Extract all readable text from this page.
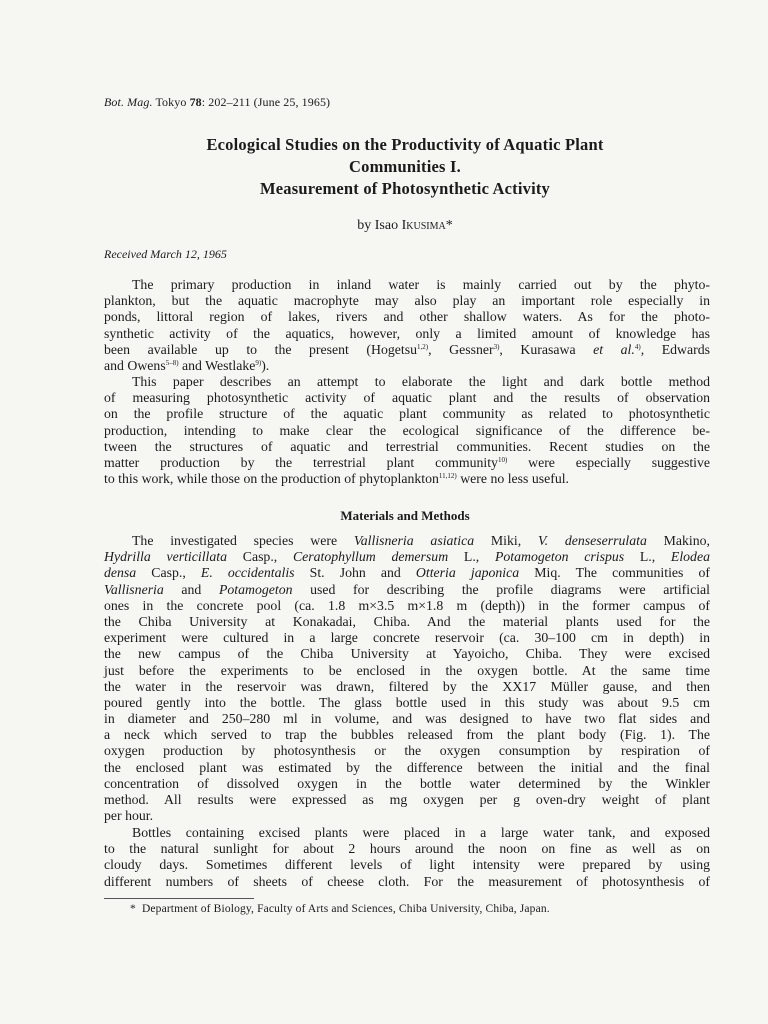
Bot. Mag. Tokyo 78: 202–211 (June 25, 1965)
Ecological Studies on the Productivity of Aquatic Plant
Communities I.
Measurement of Photosynthetic Activity
by Isao Ikusima*
Received March 12, 1965
The primary production in inland water is mainly carried out by the phyto-
plankton, but the aquatic macrophyte may also play an important role especially in
ponds, littoral region of lakes, rivers and other shallow waters. As for the photo-
synthetic activity of the aquatics, however, only a limited amount of knowledge has
been available up to the present (Hogetsu$^{1,2)}$, Gessner$^{3)}$, Kurasawa et al.$^{4)}$, Edwards
and Owens$^{5-8)}$ and Westlake$^{9)}$).
This paper describes an attempt to elaborate the light and dark bottle method
of measuring photosynthetic activity of aquatic plant and the results of observation
on the profile structure of the aquatic plant community as related to photosynthetic
production, intending to make clear the ecological significance of the difference be-
tween the structures of aquatic and terrestrial communities. Recent studies on the
matter production by the terrestrial plant community$^{10)}$ were especially suggestive
to this work, while those on the production of phytoplankton$^{11,12)}$ were no less useful.
Materials and Methods
The investigated species were Vallisneria asiatica Miki, V. denseserrulata Makino,
Hydrilla verticillata Casp., Ceratophyllum demersum L., Potamogeton crispus L., Elodea
densa Casp., E. occidentalis St. John and Otteria japonica Miq. The communities of
Vallisneria and Potamogeton used for describing the profile diagrams were artificial
ones in the concrete pool (ca. 1.8 m×3.5 m×1.8 m (depth)) in the former campus of
the Chiba University at Konakadai, Chiba. And the material plants used for the
experiment were cultured in a large concrete reservoir (ca. 30–100 cm in depth) in
the new campus of the Chiba University at Yayoicho, Chiba. They were excised
just before the experiments to be enclosed in the oxygen bottle. At the same time
the water in the reservoir was drawn, filtered by the XX17 Müller gause, and then
poured gently into the bottle. The glass bottle used in this study was about 9.5 cm
in diameter and 250–280 ml in volume, and was designed to have two flat sides and
a neck which served to trap the bubbles released from the plant body (Fig. 1). The
oxygen production by photosynthesis or the oxygen consumption by respiration of
the enclosed plant was estimated by the difference between the initial and the final
concentration of dissolved oxygen in the bottle water determined by the Winkler
method. All results were expressed as mg oxygen per g oven-dry weight of plant
per hour.
Bottles containing excised plants were placed in a large water tank, and exposed
to the natural sunlight for about 2 hours around the noon on fine as well as on
cloudy days. Sometimes different levels of light intensity were prepared by using
different numbers of sheets of cheese cloth. For the measurement of photosynthesis of
* Department of Biology, Faculty of Arts and Sciences, Chiba University, Chiba, Japan.
